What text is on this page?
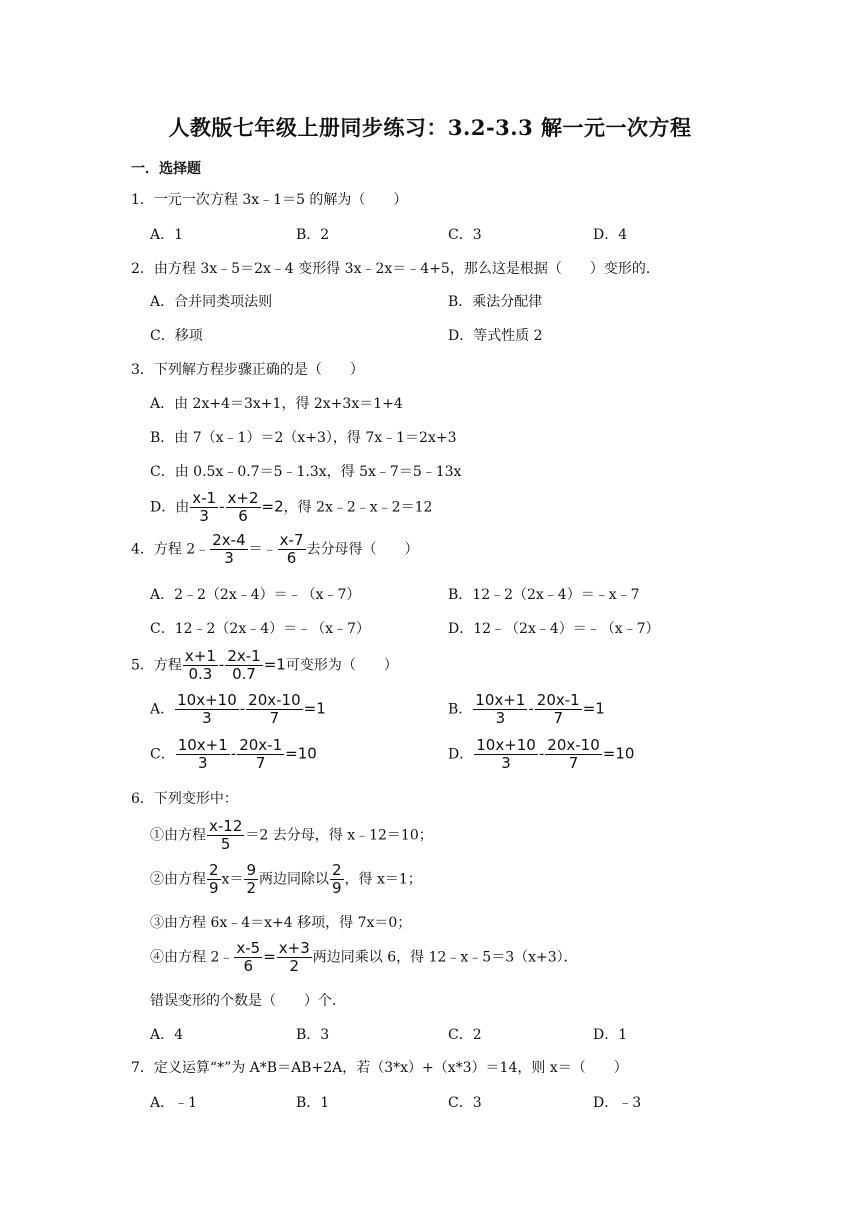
人教版七年级上册同步练习：3.2-3.3 解一元一次方程
一．选择题
1．一元一次方程 3x﹣1＝5 的解为（　　）
A．1	B．2	C．3	D．4
2．由方程 3x﹣5＝2x﹣4 变形得 3x﹣2x＝﹣4+5，那么这是根据（　　）变形的．
A．合并同类项法则	B．乘法分配律
C．移项	D．等式性质 2
3．下列解方程步骤正确的是（　　）
A．由 2x+4＝3x+1，得 2x+3x＝1+4
B．由 7（x﹣1）＝2（x+3），得 7x﹣1＝2x+3
C．由 0.5x﹣0.7＝5﹣1.3x，得 5x﹣7＝5﹣13x
D．由 $\frac{x-1}{3} - \frac{x+2}{6} =2$，得 2x﹣2﹣x﹣2＝12
4．方程 2﹣ $\frac{2x-4}{3}$ ＝﹣ $\frac{x-7}{6}$ 去分母得（　　）
A．2﹣2（2x﹣4）＝﹣（x﹣7）	B．12﹣2（2x﹣4）＝﹣x﹣7
C．12﹣2（2x﹣4）＝﹣（x﹣7）	D．12﹣（2x﹣4）＝﹣（x﹣7）
5．方程 $\frac{x+1}{0.3} - \frac{2x-1}{0.7} =1$可变形为（　　）
A． $\frac{10x+10}{3} - \frac{20x-10}{7} =1$	B． $\frac{10x+1}{3} - \frac{20x-1}{7} =1$
C． $\frac{10x+1}{3} - \frac{20x-1}{7} =10$	D． $\frac{10x+10}{3} - \frac{20x-10}{7} =10$
6．下列变形中：
①由方程 $\frac{x-12}{5} =2$ 去分母，得 x﹣12＝10；
②由方程 $\frac{2}{9} x= \frac{9}{2}$ 两边同除以 $\frac{2}{9}$ ，得 x＝1；
③由方程 6x﹣4＝x+4 移项，得 7x＝0；
④由方程 2﹣ $\frac{x-5}{6} = \frac{x+3}{2}$ 两边同乘以 6，得 12﹣x﹣5＝3（x+3）．
错误变形的个数是（　　）个．
A．4	B．3	C．2	D．1
7．定义运算“*”为 A*B＝AB+2A，若（3*x）+（x*3）＝14，则 x＝（　　）
A．﹣1	B．1	C．3	D．﹣3
